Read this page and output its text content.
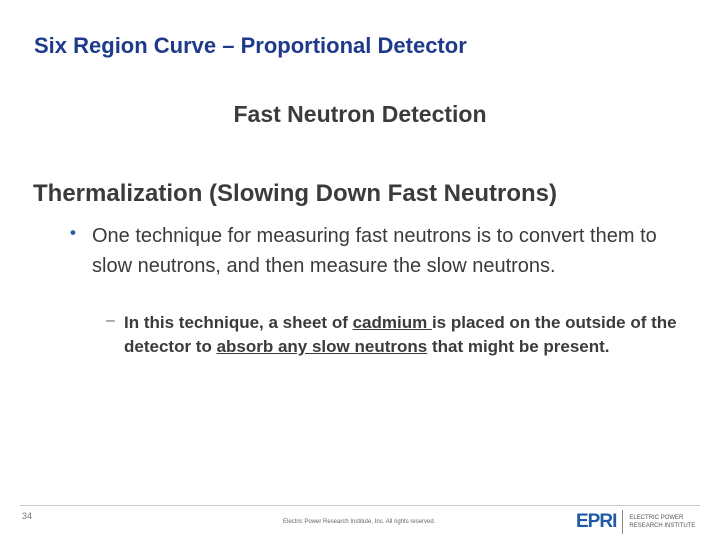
Six Region Curve – Proportional Detector
Fast Neutron Detection
Thermalization (Slowing Down Fast Neutrons)
• One technique for measuring fast neutrons is to convert them to slow neutrons, and then measure the slow neutrons.
– In this technique, a sheet of cadmium is placed on the outside of the detector to absorb any slow neutrons that might be present.
34
Electric Power Research Institute, Inc. All rights reserved.	EPRI ELECTRIC POWER
RESEARCH INSTITUTE
